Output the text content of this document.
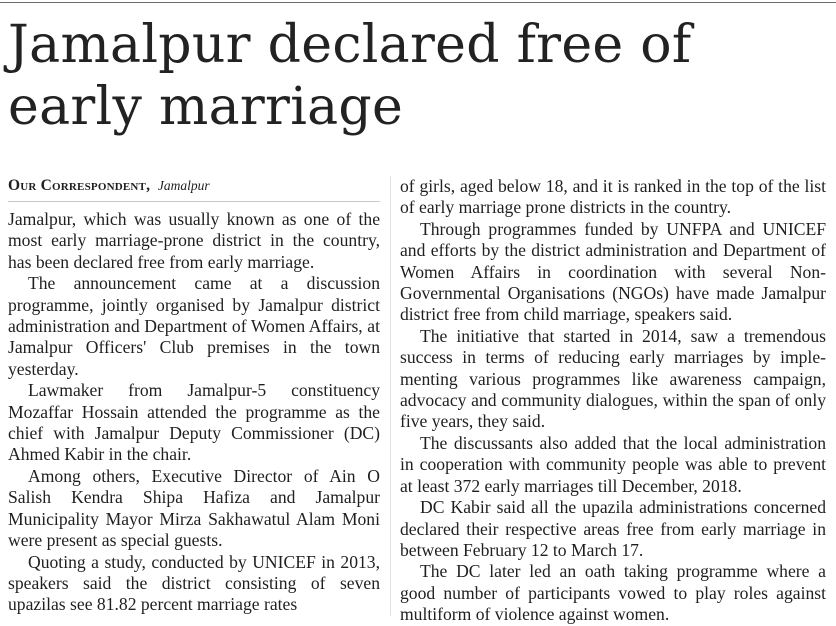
Jamalpur declared free of
early marriage
Our Correspondent, Jamalpur

Jamalpur, which was usually known as one of the most early marriage-prone district in the country, has been declared free from early marriage.

The announcement came at a discussion programme, jointly organised by Jamalpur district administration and Department of Women Affairs, at Jamalpur Officers' Club premises in the town yesterday.

Lawmaker from Jamalpur-5 constituency Mozaffar Hossain attended the programme as the chief with Jamalpur Deputy Commissioner (DC) Ahmed Kabir in the chair.

Among others, Executive Director of Ain O Salish Kendra Shipa Hafiza and Jamalpur Municipality Mayor Mirza Sakhawatul Alam Moni were present as special guests.

Quoting a study, conducted by UNICEF in 2013, speakers said the district consisting of seven upazilas see 81.82 percent marriage rates

of girls, aged below 18, and it is ranked in the top of the list of early marriage prone districts in the country.

Through programmes funded by UNFPA and UNICEF and efforts by the district administration and Department of Women Affairs in coordination with several Non-Governmental Organisations (NGOs) have made Jamalpur district free from child marriage, speakers said.

The initiative that started in 2014, saw a tremendous success in terms of reducing early marriages by implementing various programmes like awareness campaign, advocacy and community dialogues, within the span of only five years, they said.

The discussants also added that the local administration in cooperation with community people was able to prevent at least 372 early marriages till December, 2018.

DC Kabir said all the upazila administrations concerned declared their respective areas free from early marriage in between February 12 to March 17.

The DC later led an oath taking programme where a good number of participants vowed to play roles against multiform of violence against women.
